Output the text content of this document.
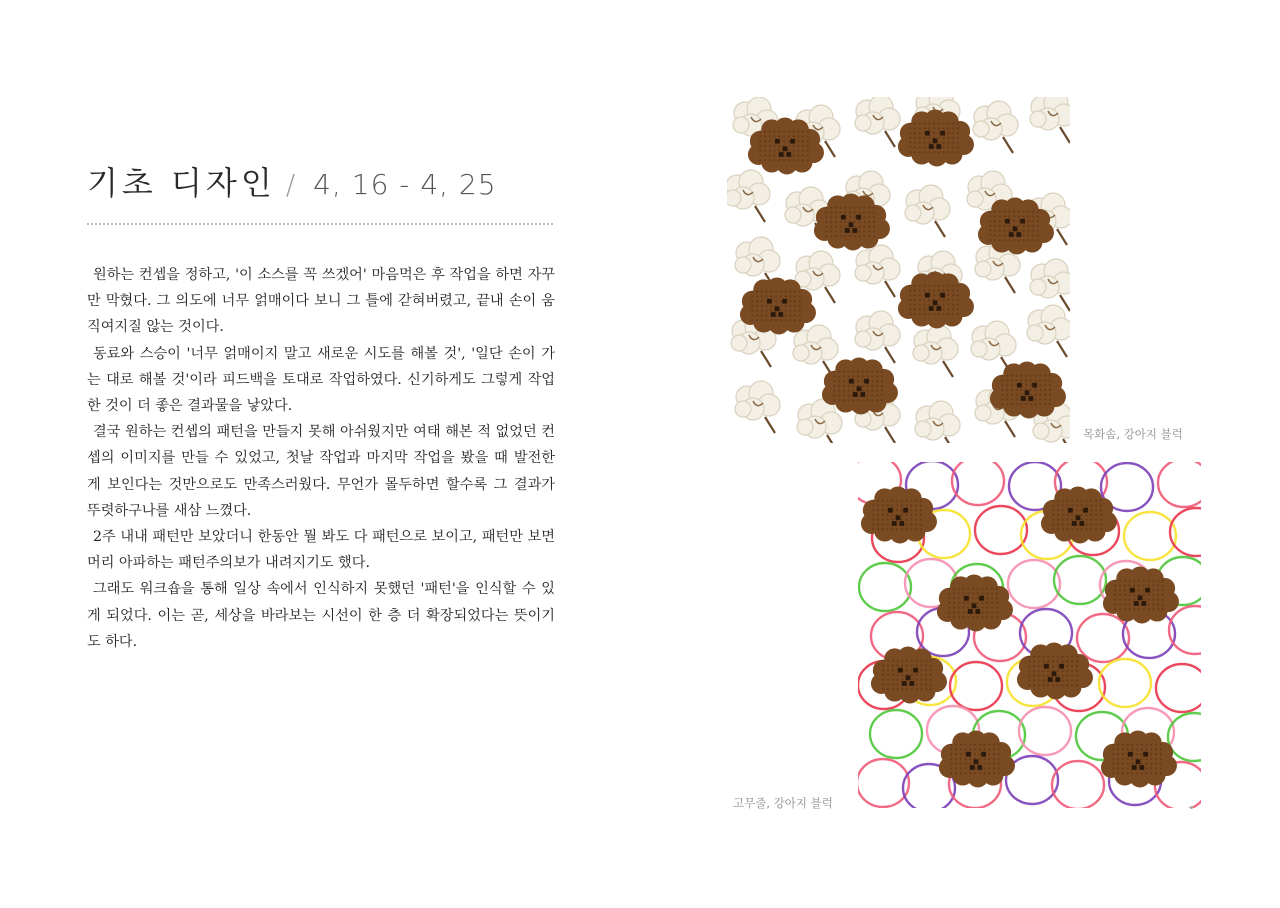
기초 디자인 / 4, 16 - 4, 25

원하는 컨셉을 정하고, '이 소스를 꼭 쓰겠어' 마음먹은 후 작업을 하면 자꾸만 막혔다. 그 의도에 너무 얽매이다 보니 그 틀에 갇혀버렸고, 끝내 손이 움직여지질 않는 것이다.

동료와 스승이 '너무 얽매이지 말고 새로운 시도를 해볼 것', '일단 손이 가는 대로 해볼 것'이라 피드백을 토대로 작업하였다. 신기하게도 그렇게 작업한 것이 더 좋은 결과물을 낳았다.

결국 원하는 컨셉의 패턴을 만들지 못해 아쉬웠지만 여태 해본 적 없었던 컨셉의 이미지를 만들 수 있었고, 첫날 작업과 마지막 작업을 봤을 때 발전한 게 보인다는 것만으로도 만족스러웠다. 무언가 몰두하면 할수록 그 결과가 뚜렷하구나를 새삼 느꼈다.

2주 내내 패턴만 보았더니 한동안 뭘 봐도 다 패턴으로 보이고, 패턴만 보면 머리 아파하는 패턴주의보가 내려지기도 했다.

그래도 워크숍을 통해 일상 속에서 인식하지 못했던 '패턴'을 인식할 수 있게 되었다. 이는 곧, 세상을 바라보는 시선이 한 층 더 확장되었다는 뜻이기도 하다.

목화솜, 강아지 블럭
고무줄, 강아지 블럭
